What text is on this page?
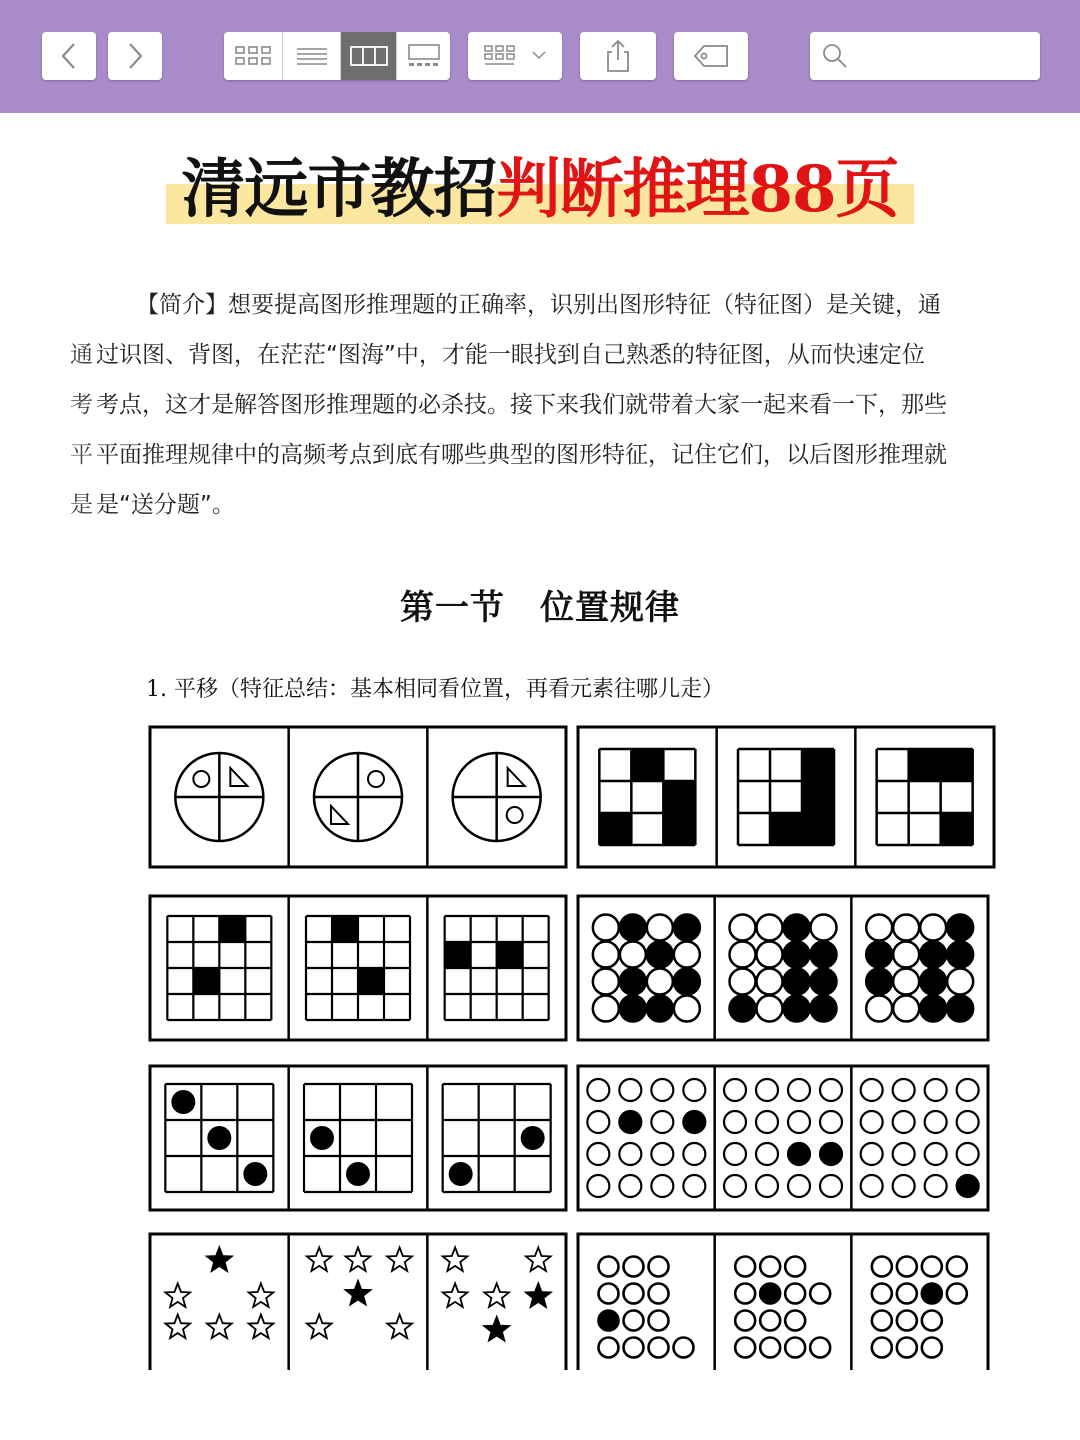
清远市教招判断推理88页
【简介】想要提高图形推理题的正确率，识别出图形特征（特征图）是关键，通
过识图、背图，在茫茫“图海”中，才能一眼找到自己熟悉的特征图，从而快速定位
考点，这才是解答图形推理题的必杀技。接下来我们就带着大家一起来看一下，那些
平面推理规律中的高频考点到底有哪些典型的图形特征，记住它们，以后图形推理就
是“送分题”。
通
考
平
是
第一节　位置规律
1. 平移（特征总结：基本相同看位置，再看元素往哪儿走）
